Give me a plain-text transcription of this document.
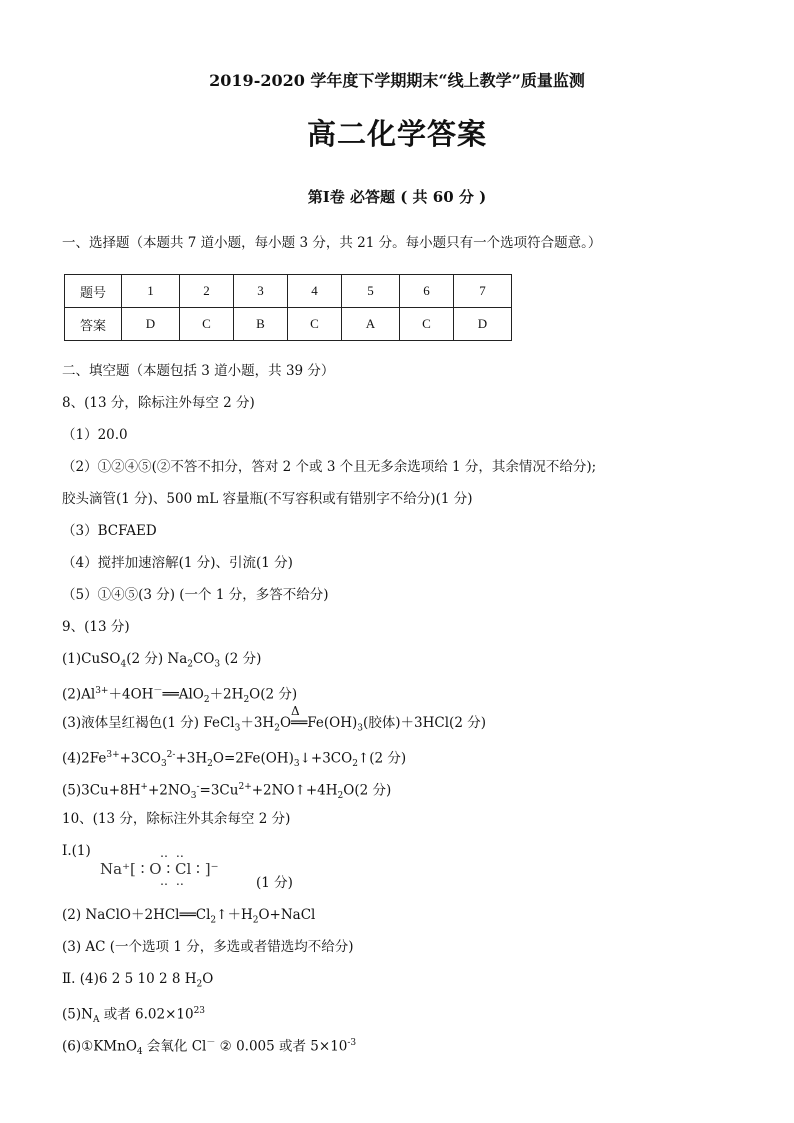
2019-2020 学年度下学期期末“线上教学”质量监测
高二化学答案
第Ⅰ卷 必答题 ( 共 60 分 )
一、选择题（本题共 7 道小题，每小题 3 分，共 21 分。每小题只有一个选项符合题意。）
题号	1	2	3	4	5	6	7
答案	D	C	B	C	A	C	D
二、填空题（本题包括 3 道小题，共 39 分）
8、(13 分，除标注外每空 2 分)
（1）20.0
（2）①②④⑤(②不答不扣分，答对 2 个或 3 个且无多余选项给 1 分，其余情况不给分);
胶头滴管(1 分)、500 mL 容量瓶(不写容积或有错别字不给分)(1 分)
（3）BCFAED
（4）搅拌加速溶解(1 分)、引流(1 分)
（5）①④⑤(3 分) (一个 1 分，多答不给分)
9、(13 分)
(1)CuSO$_4$(2 分) $Na_2CO_3$ (2 分)
$(2)Al^{3+}+4OH^-══AlO_2+2H_2O(2$ 分)
(3)液体呈红褐色(1 分) $FeCl_3+3H_2O$
Δ
$══Fe(OH)_3$(胶体)＋3HCl(2 分)
$(4)2Fe^{3+}+3CO_3^{2-}+3H_2O=2Fe(OH)_3↓+3CO_2↑(2$ 分)
$(5)3Cu+8H^++2NO_3^-=3Cu^{2+}+2NO↑+4H_2O(2$ 分)
10、(13 分，除标注外其余每空 2 分)
Ⅰ.(1)
Na⁺[ ∶ O ∶ Cl ∶ ]⁻
‥ ‥
‥ ‥	(1 分)
(2) $NaClO+2HCl══Cl_2↑+H_2O+NaCl$
(3) AC (一个选项 1 分，多选或者错选均不给分)
Ⅱ. (4)6 2 5 10 2 8 $H_2O$
$(5)N_A$ 或者 $6.02\times 10^{23}$
(6)①KMnO$_4$ 会氧化 Cl－ ② 0.005 或者 $5\times 10^{-3}$
